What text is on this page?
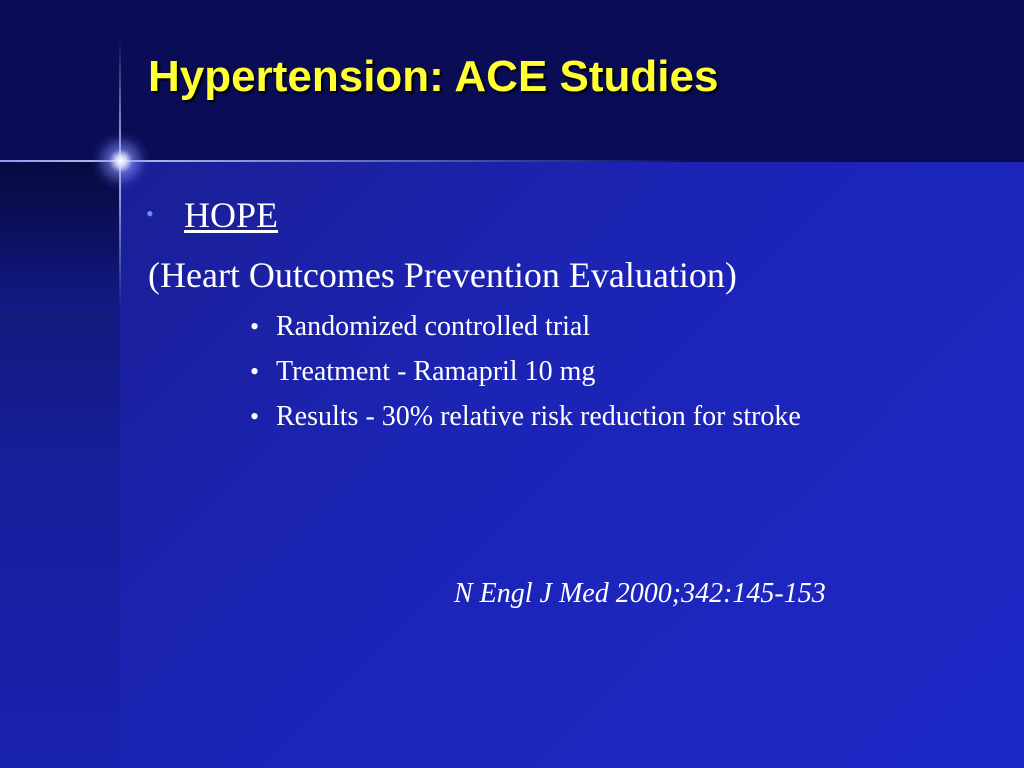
Hypertension: ACE Studies
• HOPE
(Heart Outcomes Prevention Evaluation)
• Randomized controlled trial
• Treatment - Ramapril 10 mg
• Results - 30% relative risk reduction for stroke
N Engl J Med 2000;342:145-153
